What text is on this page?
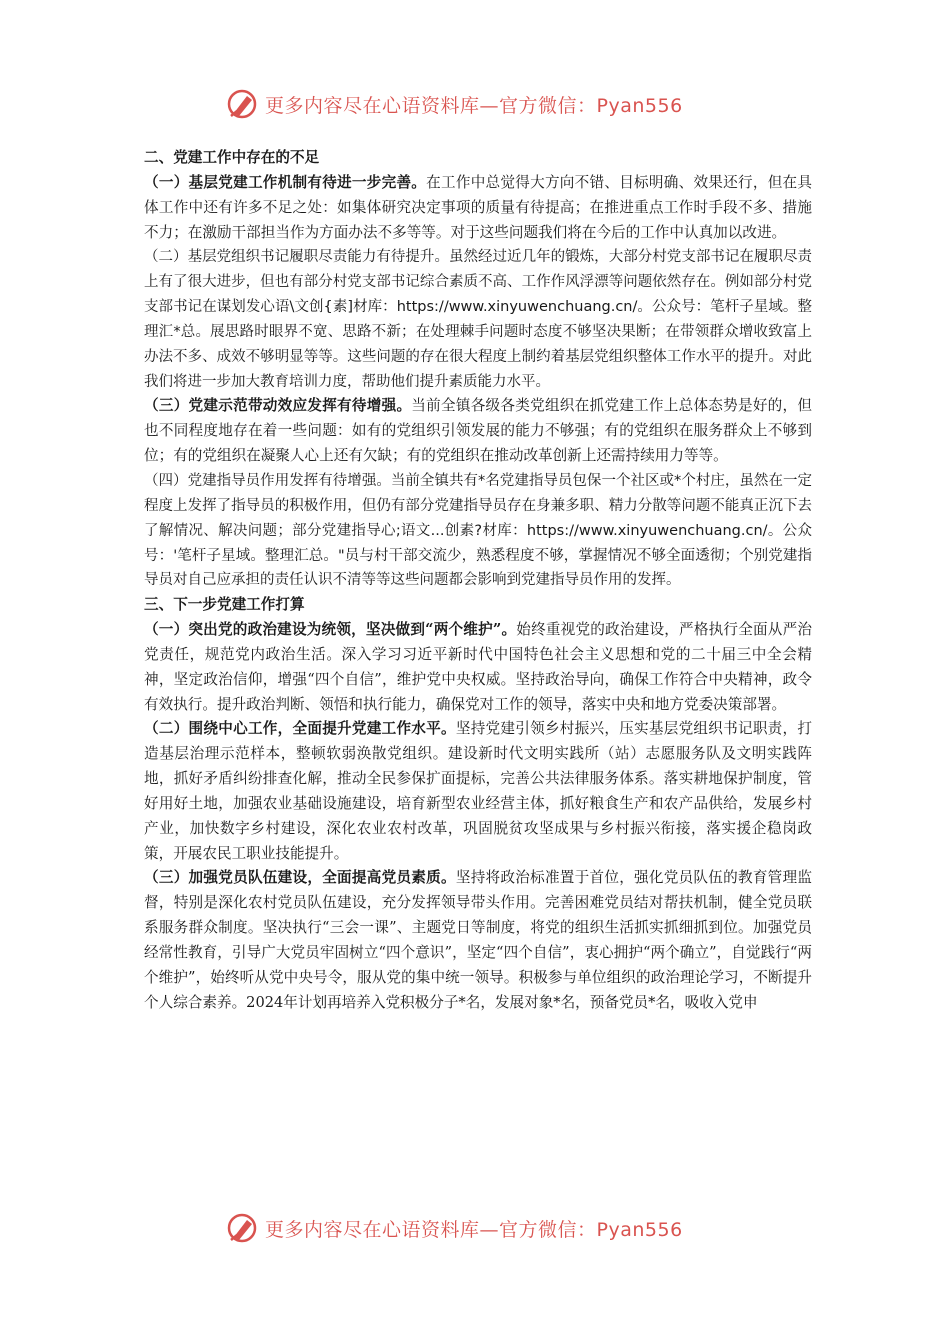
更多内容尽在心语资料库—官方微信：Pyan556

二、党建工作中存在的不足

（一）基层党建工作机制有待进一步完善。在工作中总觉得大方向不错、目标明确、效果还行，但在具体工作中还有许多不足之处：如集体研究决定事项的质量有待提高；在推进重点工作时手段不多、措施不力；在激励干部担当作为方面办法不多等等。对于这些问题我们将在今后的工作中认真加以改进。

（二）基层党组织书记履职尽责能力有待提升。虽然经过近几年的锻炼，大部分村党支部书记在履职尽责上有了很大进步，但也有部分村党支部书记综合素质不高、工作作风浮漂等问题依然存在。例如部分村党支部书记在谋划发心语\文创{素]材库：https://www.xinyuwenchuang.cn/。公众号：笔杆子星域。整理汇*总。展思路时眼界不宽、思路不新；在处理棘手问题时态度不够坚决果断；在带领群众增收致富上办法不多、成效不够明显等等。这些问题的存在很大程度上制约着基层党组织整体工作水平的提升。对此我们将进一步加大教育培训力度，帮助他们提升素质能力水平。

（三）党建示范带动效应发挥有待增强。当前全镇各级各类党组织在抓党建工作上总体态势是好的，但也不同程度地存在着一些问题：如有的党组织引领发展的能力不够强；有的党组织在服务群众上不够到位；有的党组织在凝聚人心上还有欠缺；有的党组织在推动改革创新上还需持续用力等等。

（四）党建指导员作用发挥有待增强。当前全镇共有*名党建指导员包保一个社区或*个村庄，虽然在一定程度上发挥了指导员的积极作用，但仍有部分党建指导员存在身兼多职、精力分散等问题不能真正沉下去了解情况、解决问题；部分党建指导心;语文...创素?材库：https://www.xinyuwenchuang.cn/。公众号：'笔杆子星域。整理汇总。"员与村干部交流少，熟悉程度不够，掌握情况不够全面透彻；个别党建指导员对自己应承担的责任认识不清等等这些问题都会影响到党建指导员作用的发挥。

三、下一步党建工作打算

（一）突出党的政治建设为统领，坚决做到“两个维护”。始终重视党的政治建设，严格执行全面从严治党责任，规范党内政治生活。深入学习习近平新时代中国特色社会主义思想和党的二十届三中全会精神，坚定政治信仰，增强“四个自信”，维护党中央权威。坚持政治导向，确保工作符合中央精神，政令有效执行。提升政治判断、领悟和执行能力，确保党对工作的领导，落实中央和地方党委决策部署。

（二）围绕中心工作，全面提升党建工作水平。坚持党建引领乡村振兴，压实基层党组织书记职责，打造基层治理示范样本，整顿软弱涣散党组织。建设新时代文明实践所（站）志愿服务队及文明实践阵地，抓好矛盾纠纷排查化解，推动全民参保扩面提标，完善公共法律服务体系。落实耕地保护制度，管好用好土地，加强农业基础设施建设，培育新型农业经营主体，抓好粮食生产和农产品供给，发展乡村产业，加快数字乡村建设，深化农业农村改革，巩固脱贫攻坚成果与乡村振兴衔接，落实援企稳岗政策，开展农民工职业技能提升。

（三）加强党员队伍建设，全面提高党员素质。坚持将政治标准置于首位，强化党员队伍的教育管理监督，特别是深化农村党员队伍建设，充分发挥领导带头作用。完善困难党员结对帮扶机制，健全党员联系服务群众制度。坚决执行“三会一课”、主题党日等制度，将党的组织生活抓实抓细抓到位。加强党员经常性教育，引导广大党员牢固树立“四个意识”，坚定“四个自信”，衷心拥护“两个确立”，自觉践行“两个维护”，始终听从党中央号令，服从党的集中统一领导。积极参与单位组织的政治理论学习，不断提升个人综合素养。2024年计划再培养入党积极分子*名，发展对象*名，预备党员*名，吸收入党申

更多内容尽在心语资料库—官方微信：Pyan556
